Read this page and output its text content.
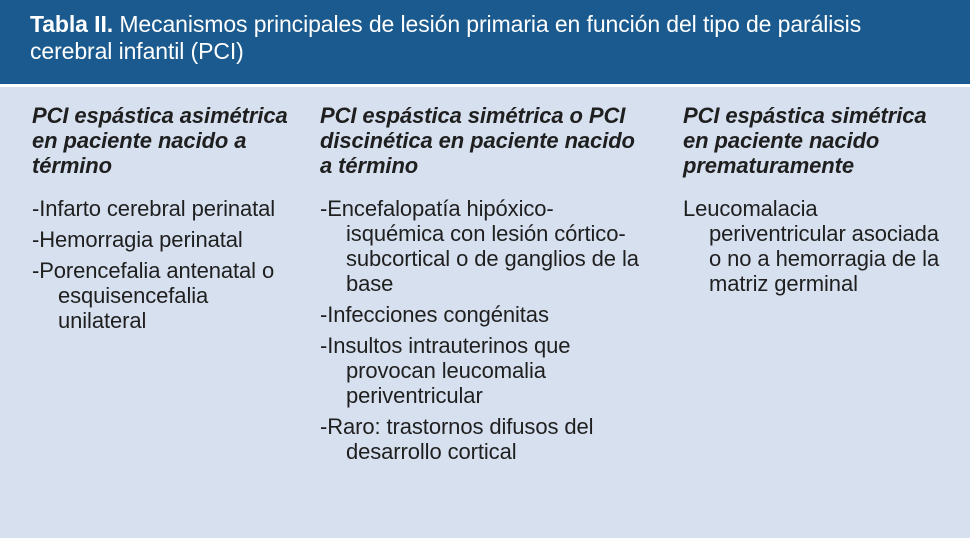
Tabla II. Mecanismos principales de lesión primaria en función del tipo de parálisis cerebral infantil (PCI)
PCI espástica asimétrica en paciente nacido a término
-Infarto cerebral perinatal
-Hemorragia perinatal
-Porencefalia antenatal o esquisencefalia unilateral
PCI espástica simétrica o PCI discinética en paciente nacido a término
-Encefalopatía hipóxico-isquémica con lesión córtico-subcortical o de ganglios de la base
-Infecciones congénitas
-Insultos intrauterinos que provocan leucomalia periventricular
-Raro: trastornos difusos del desarrollo cortical
PCI espástica simétrica en paciente nacido prematuramente
Leucomalacia periventricular asociada o no a hemorragia de la matriz germinal
